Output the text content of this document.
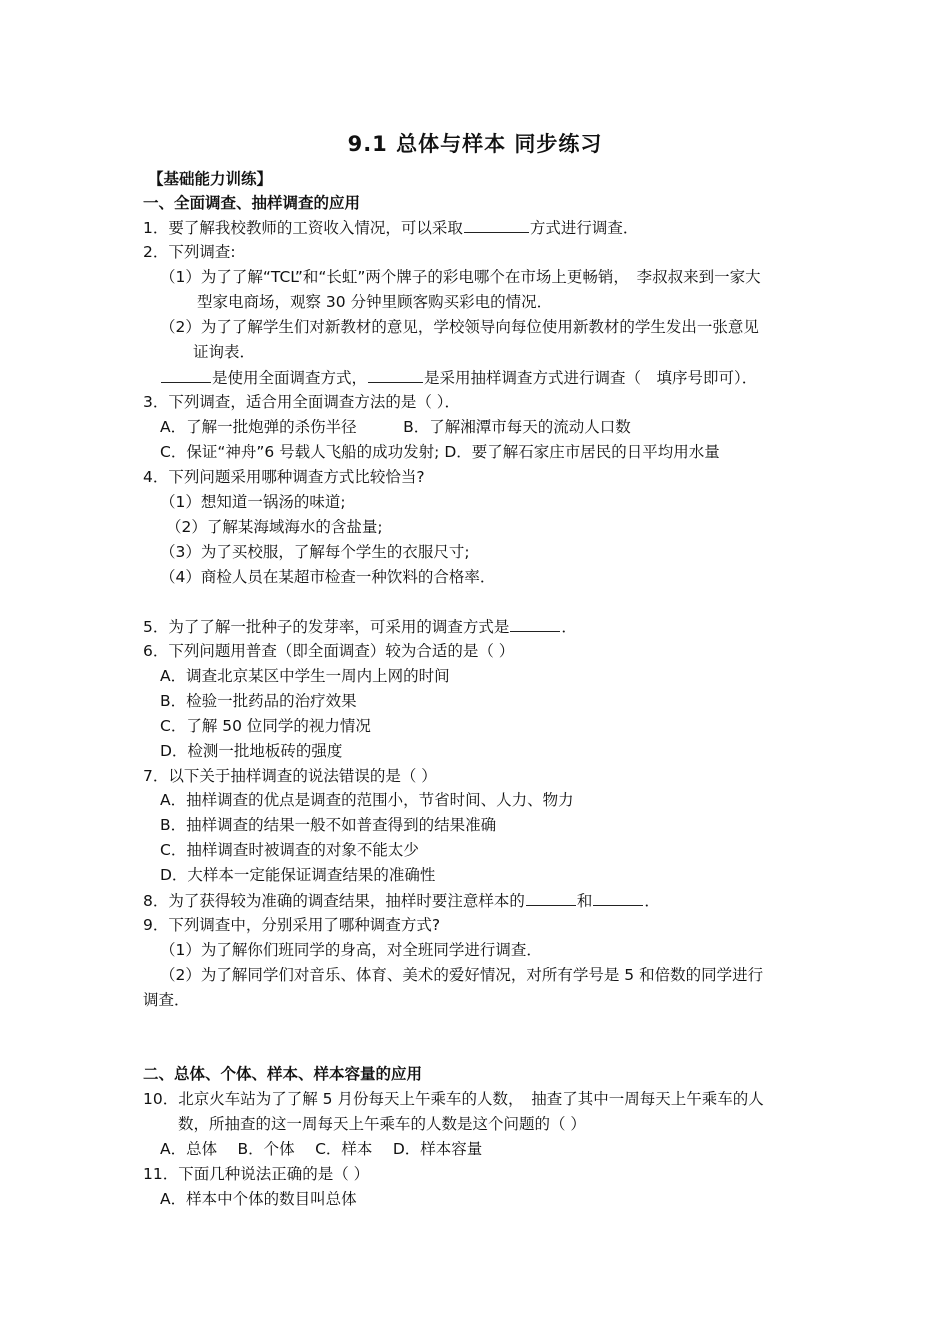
9.1 总体与样本 同步练习
【基础能力训练】
一、全面调查、抽样调查的应用
1．要了解我校教师的工资收入情况，可以采取	方式进行调查．
2．下列调查:
（1）为了了解“TCL”和“长虹”两个牌子的彩电哪个在市场上更畅销，　李叔叔来到一家大
型家电商场，观察 30 分钟里顾客购买彩电的情况．
（2）为了了解学生们对新教材的意见，学校领导向每位使用新教材的学生发出一张意见
证询表．
是使用全面调查方式，	是采用抽样调查方式进行调查（　填序号即可）．
3．下列调查，适合用全面调查方法的是（ ）．
A．了解一批炮弹的杀伤半径　　　B．了解湘潭市每天的流动人口数
C．保证“神舟”6 号载人飞船的成功发射; D．要了解石家庄市居民的日平均用水量
4．下列问题采用哪种调查方式比较恰当?
（1）想知道一锅汤的味道;
（2）了解某海域海水的含盐量;
（3）为了买校服，了解每个学生的衣服尺寸;
（4）商检人员在某超市检查一种饮料的合格率．
5．为了了解一批种子的发芽率，可采用的调查方式是	．
6．下列问题用普查（即全面调查）较为合适的是（ ）
A．调查北京某区中学生一周内上网的时间
B．检验一批药品的治疗效果
C．了解 50 位同学的视力情况
D．检测一批地板砖的强度
7．以下关于抽样调查的说法错误的是（ ）
A．抽样调查的优点是调查的范围小，节省时间、人力、物力
B．抽样调查的结果一般不如普查得到的结果准确
C．抽样调查时被调查的对象不能太少
D．大样本一定能保证调查结果的准确性
8．为了获得较为准确的调查结果，抽样时要注意样本的	和	．
9．下列调查中，分别采用了哪种调查方式?
（1）为了解你们班同学的身高，对全班同学进行调查．
（2）为了解同学们对音乐、体育、美术的爱好情况，对所有学号是 5 和倍数的同学进行
调查．
二、总体、个体、样本、样本容量的应用
10．北京火车站为了了解 5 月份每天上午乘车的人数，　抽查了其中一周每天上午乘车的人
数，所抽查的这一周每天上午乘车的人数是这个问题的（ ）
A．总体　 B．个体　 C．样本　 D．样本容量
11．下面几种说法正确的是（ ）
A．样本中个体的数目叫总体
